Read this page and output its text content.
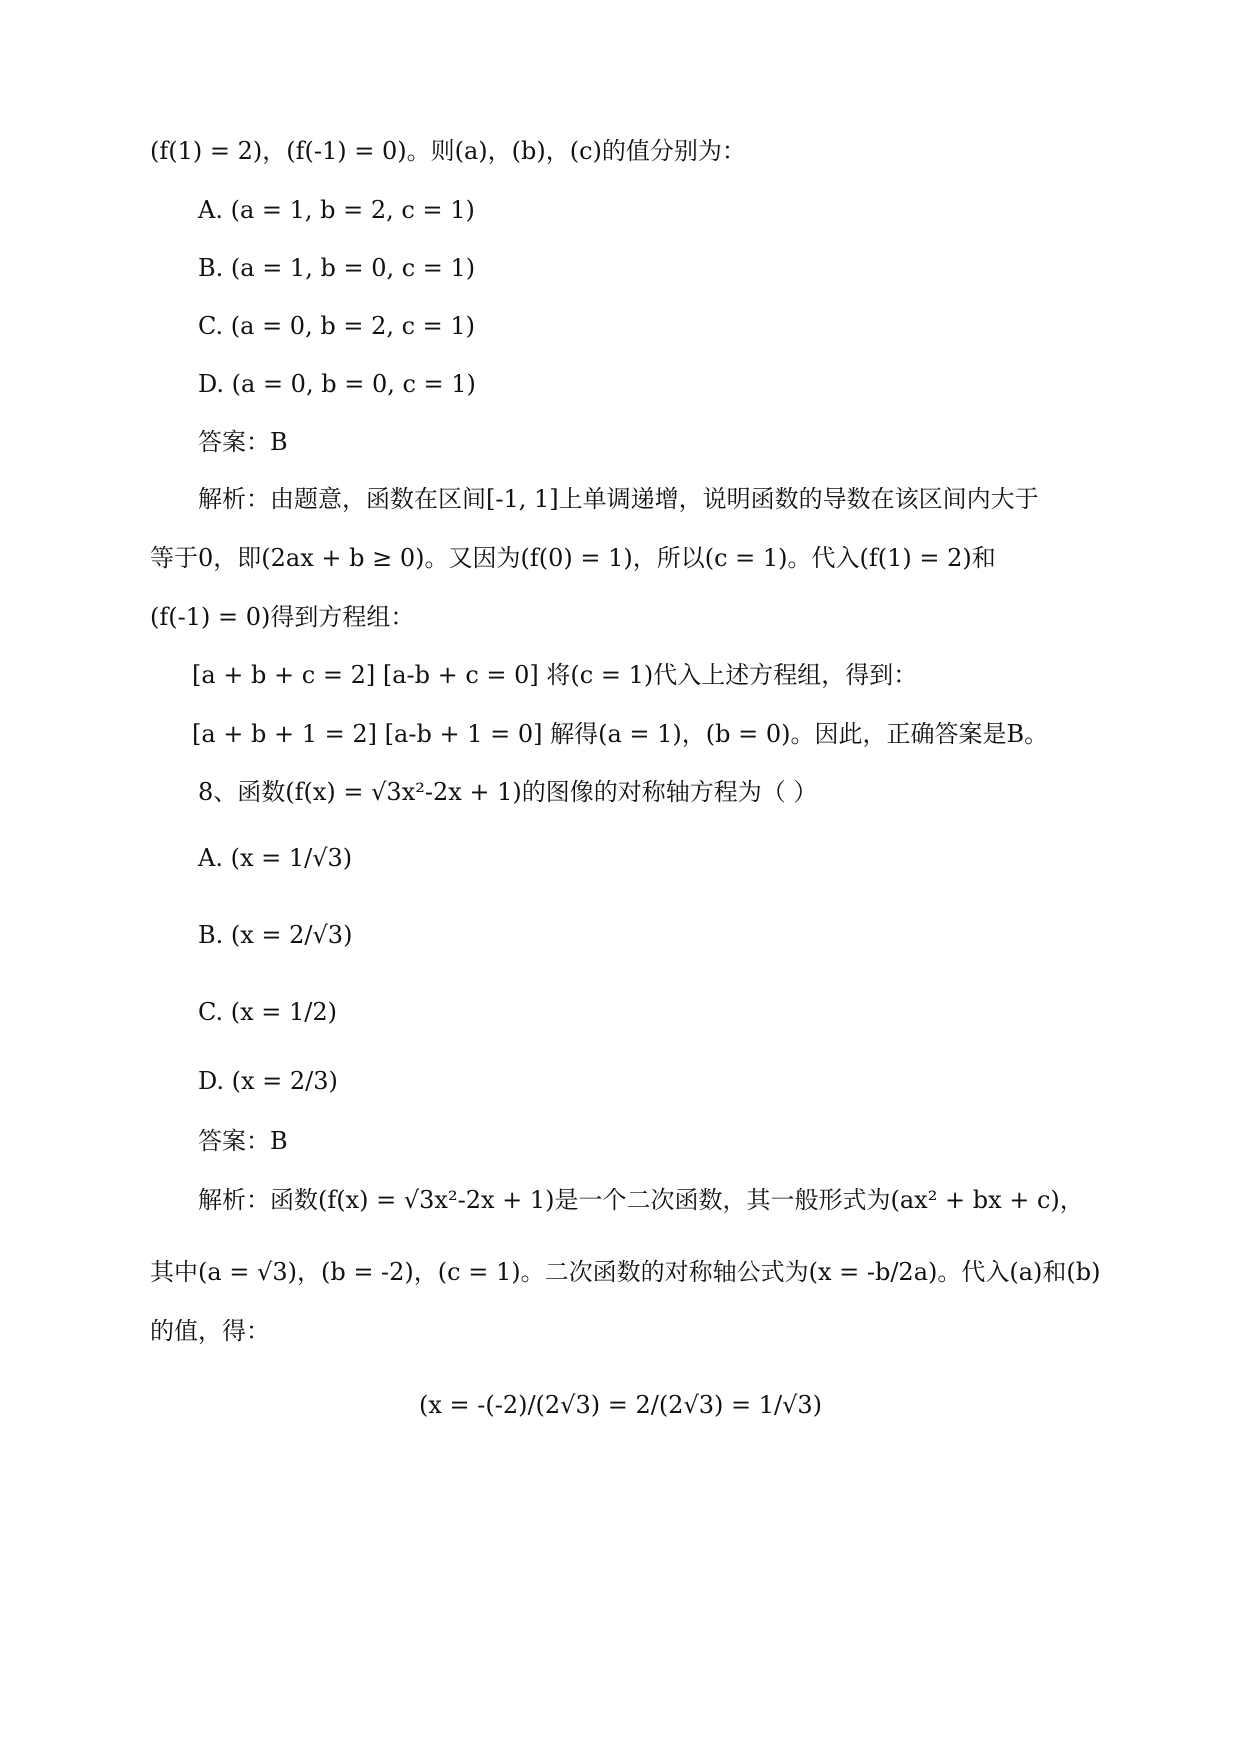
(f(1) = 2)，(f(-1) = 0)。则(a)，(b)，(c)的值分别为：
A. (a = 1, b = 2, c = 1)
B. (a = 1, b = 0, c = 1)
C. (a = 0, b = 2, c = 1)
D. (a = 0, b = 0, c = 1)
答案：B
解析：由题意，函数在区间[-1, 1]上单调递增，说明函数的导数在该区间内大于
等于0，即(2ax + b ≥ 0)。又因为(f(0) = 1)，所以(c = 1)。代入(f(1) = 2)和
(f(-1) = 0)得到方程组：
[a + b + c = 2] [a-b + c = 0] 将(c = 1)代入上述方程组，得到：
[a + b + 1 = 2] [a-b + 1 = 0] 解得(a = 1)，(b = 0)。因此，正确答案是B。
8、函数(f(x) = √3x²-2x + 1)的图像的对称轴方程为（ ）
A. (x = 1/√3)
B. (x = 2/√3)
C. (x = 1/2)
D. (x = 2/3)
答案：B
解析：函数(f(x) = √3x²-2x + 1)是一个二次函数，其一般形式为(ax² + bx + c)，
其中(a = √3)，(b = -2)，(c = 1)。二次函数的对称轴公式为(x = -b/2a)。代入(a)和(b)
的值，得：
(x = -(-2)/(2√3) = 2/(2√3) = 1/√3)
